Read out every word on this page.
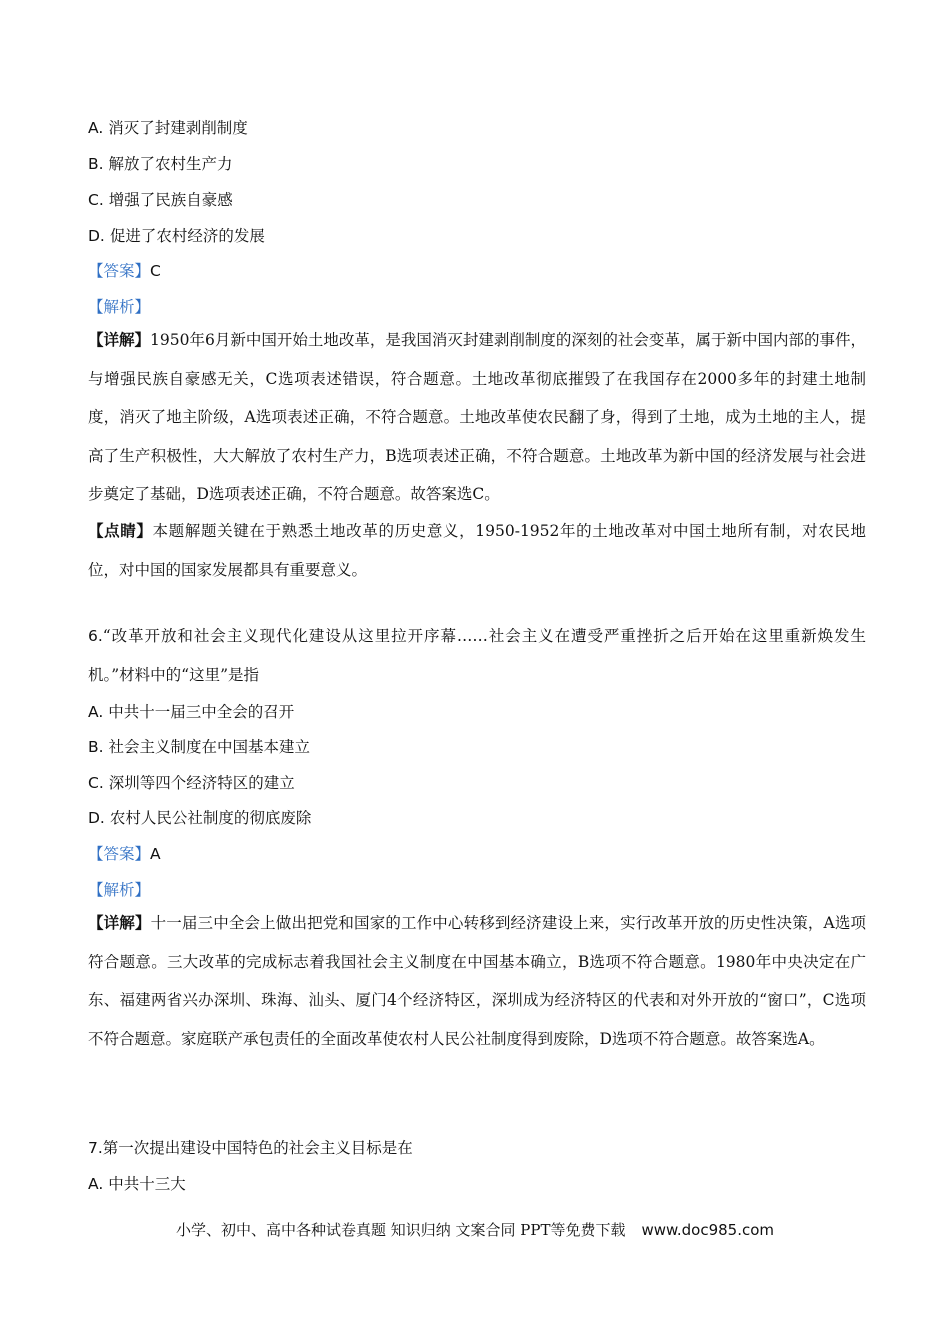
A. 消灭了封建剥削制度
B. 解放了农村生产力
C. 增强了民族自豪感
D. 促进了农村经济的发展
【答案】C
【解析】
【详解】1950年6月新中国开始土地改革，是我国消灭封建剥削制度的深刻的社会变革，属于新中国内部的事件，与增强民族自豪感无关，C选项表述错误，符合题意。土地改革彻底摧毁了在我国存在2000多年的封建土地制度，消灭了地主阶级，A选项表述正确，不符合题意。土地改革使农民翻了身，得到了土地，成为土地的主人，提高了生产积极性，大大解放了农村生产力，B选项表述正确，不符合题意。土地改革为新中国的经济发展与社会进步奠定了基础，D选项表述正确，不符合题意。故答案选C。
【点睛】本题解题关键在于熟悉土地改革的历史意义，1950-1952年的土地改革对中国土地所有制，对农民地位，对中国的国家发展都具有重要意义。
6.“改革开放和社会主义现代化建设从这里拉开序幕……社会主义在遭受严重挫折之后开始在这里重新焕发生机。”材料中的“这里”是指
A. 中共十一届三中全会的召开
B. 社会主义制度在中国基本建立
C. 深圳等四个经济特区的建立
D. 农村人民公社制度的彻底废除
【答案】A
【解析】
【详解】十一届三中全会上做出把党和国家的工作中心转移到经济建设上来，实行改革开放的历史性决策，A选项符合题意。三大改革的完成标志着我国社会主义制度在中国基本确立，B选项不符合题意。1980年中央决定在广东、福建两省兴办深圳、珠海、汕头、厦门4个经济特区，深圳成为经济特区的代表和对外开放的“窗口”，C选项不符合题意。家庭联产承包责任的全面改革使农村人民公社制度得到废除，D选项不符合题意。故答案选A。
7.第一次提出建设中国特色的社会主义目标是在
A. 中共十三大
小学、初中、高中各种试卷真题 知识归纳 文案合同 PPT等免费下载 www.doc985.com
